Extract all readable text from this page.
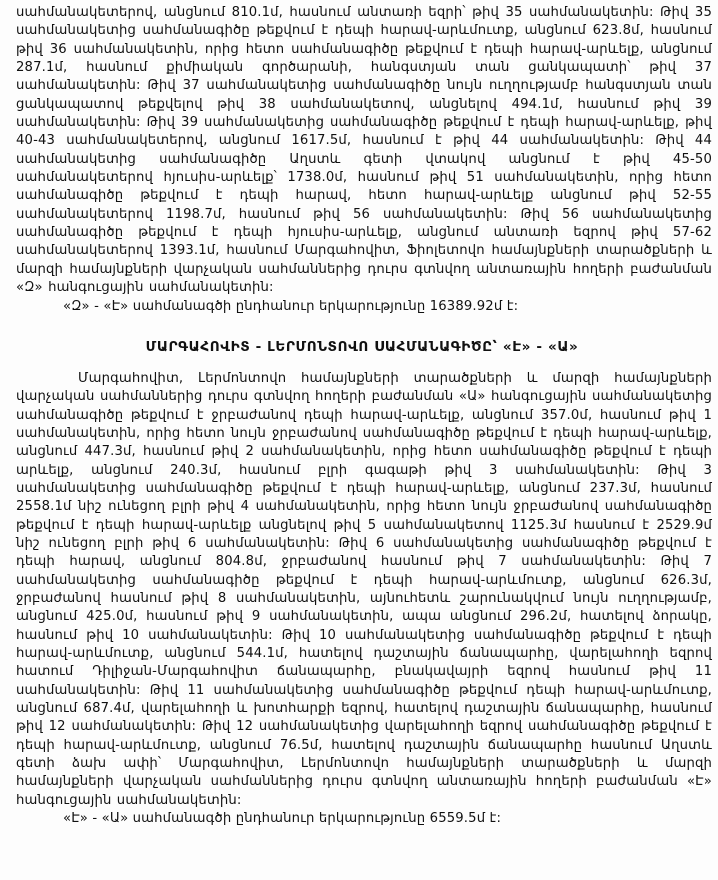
սահմանակետերով, անցնում 810.1մ, հասնում անտառի եզրի՝ թիվ 35 սահմանակետին: Թիվ 35 սահմանակետից սահմանագիծը թեքվում է դեպի հարավ-արևմուտք, անցնում 623.8մ, հասնում թիվ 36 սահմանակետին, որից հետո սահմանագիծը թեքվում է դեպի հարավ-արևելք, անցնում 287.1մ, հասնում քիմիական գործարանի, հանգստյան տան ցանկապատի՝ թիվ 37 սահմանակետին: Թիվ 37 սահմանակետից սահմանագիծը նույն ուղղությամբ հանգստյան տան ցանկապատով թեքվելով թիվ 38 սահմանակետով, անցնելով 494.1մ, հասնում թիվ 39 սահմանակետին: Թիվ 39 սահմանակետից սահմանագիծը թեքվում է դեպի հարավ-արևելք, թիվ 40-43 սահմանակետերով, անցնում 1617.5մ, հասնում է թիվ 44 սահմանակետին: Թիվ 44 սահմանակետից սահմանագիծը Աղստև գետի վտակով անցնում է թիվ 45-50 սահմանակետերով հյուսիս-արևելք՝ 1738.0մ, հասնում թիվ 51 սահմանակետին, որից հետո սահմանագիծը թեքվում է դեպի հարավ, հետո հարավ-արևելք անցնում թիվ 52-55 սահմանակետերով 1198.7մ, հասնում թիվ 56 սահմանակետին: Թիվ 56 սահմանակետից սահմանագիծը թեքվում է դեպի հյուսիս-արևելք, անցնում անտառի եզրով թիվ 57-62 սահմանակետերով 1393.1մ, հասնում Մարգահովիտ, Ֆիոլետովո համայնքների տարածքների և մարզի համայնքների վարչական սահմաններից դուրս գտնվող անտառային հողերի բաժանման «Զ» հանգուցային սահմանակետին:

«Զ» - «Է» սահմանագծի ընդհանուր երկարությունը 16389.92մ է:

ՄԱՐԳԱՀՈՎԻՏ - ԼԵՐՄՈՆՏՈՎՈ ՍԱՀՄԱՆԱԳԻԾԸ՝ «Է» - «Ա»

Մարգահովիտ, Լերմոնտովո համայնքների տարածքների և մարզի համայնքների վարչական սահմաններից դուրս գտնվող հողերի բաժանման «Ա» հանգուցային սահմանակետից սահմանագիծը թեքվում է ջրբաժանով դեպի հարավ-արևելք, անցնում 357.0մ, հասնում թիվ 1 սահմանակետին, որից հետո նույն ջրբաժանով սահմանագիծը թեքվում է դեպի հարավ-արևելք, անցնում 447.3մ, հասնում թիվ 2 սահմանակետին, որից հետո սահմանագիծը թեքվում է դեպի արևելք, անցնում 240.3մ, հասնում բլրի գագաթի թիվ 3 սահմանակետին: Թիվ 3 սահմանակետից սահմանագիծը թեքվում է դեպի հարավ-արևելք, անցնում 237.3մ, հասնում 2558.1մ նիշ ունեցող բլրի թիվ 4 սահմանակետին, որից հետո նույն ջրբաժանով սահմանագիծը թեքվում է դեպի հարավ-արևելք անցնելով թիվ 5 սահմանակետով 1125.3մ հասնում է 2529.9մ նիշ ունեցող բլրի թիվ 6 սահմանակետին: Թիվ 6 սահմանակետից սահմանագիծը թեքվում է դեպի հարավ, անցնում 804.8մ, ջրբաժանով հասնում թիվ 7 սահմանակետին: Թիվ 7 սահմանակետից սահմանագիծը թեքվում է դեպի հարավ-արևմուտք, անցնում 626.3մ, ջրբաժանով հասնում թիվ 8 սահմանակետին, այնուհետև շարունակվում նույն ուղղությամբ, անցնում 425.0մ, հասնում թիվ 9 սահմանակետին, ապա անցնում 296.2մ, հատելով ձորակը, հասնում թիվ 10 սահմանակետին: Թիվ 10 սահմանակետից սահմանագիծը թեքվում է դեպի հարավ-արևմուտք, անցնում 544.1մ, հատելով դաշտային ճանապարհը, վարելահողի եզրով հատում Դիլիջան-Մարգահովիտ ճանապարհը, բնակավայրի եզրով հասնում թիվ 11 սահմանակետին: Թիվ 11 սահմանակետից սահմանագիծը թեքվում դեպի հարավ-արևմուտք, անցնում 687.4մ, վարելահողի և խոտհարքի եզրով, հատելով դաշտային ճանապարհը, հասնում թիվ 12 սահմանակետին: Թիվ 12 սահմանակետից վարելահողի եզրով սահմանագիծը թեքվում է դեպի հարավ-արևմուտք, անցնում 76.5մ, հատելով դաշտային ճանապարհը հասնում Աղստև գետի ձախ ափի՝ Մարգահովիտ, Լերմոնտովո համայնքների տարածքների և մարզի համայնքների վարչական սահմաններից դուրս գտնվող անտառային հողերի բաժանման «Է» հանգուցային սահմանակետին:

«Է» - «Ա» սահմանագծի ընդհանուր երկարությունը 6559.5մ է:
